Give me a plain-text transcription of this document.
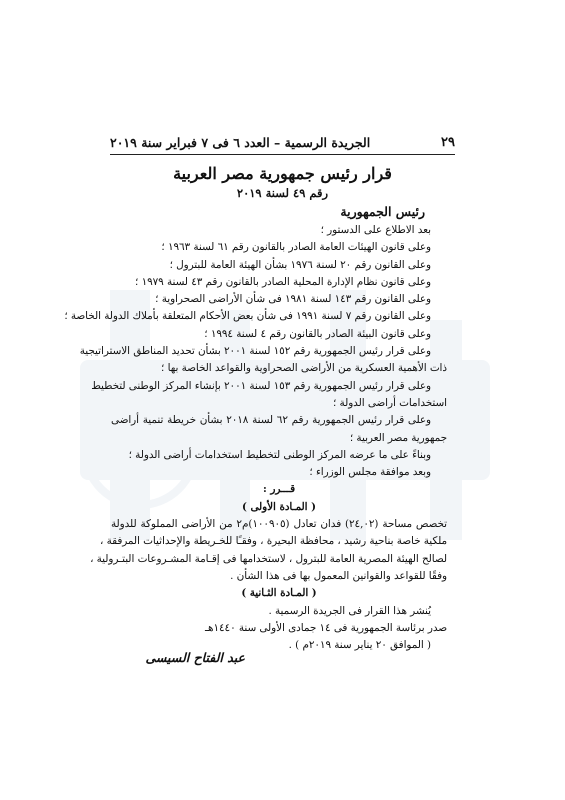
٢٩
الجريدة الرسمية – العدد ٦ فى ٧ فبراير سنة ٢٠١٩
قرار رئيس جمهورية مصر العربية
رقم ٤٩ لسنة ٢٠١٩
رئيس الجمهورية
بعد الاطلاع على الدستور ؛
وعلى قانون الهيئات العامة الصادر بالقانون رقم ٦١ لسنة ١٩٦٣ ؛
وعلى القانون رقم ٢٠ لسنة ١٩٧٦ بشأن الهيئة العامة للبترول ؛
وعلى قانون نظام الإدارة المحلية الصادر بالقانون رقم ٤٣ لسنة ١٩٧٩ ؛
وعلى القانون رقم ١٤٣ لسنة ١٩٨١ فى شأن الأراضى الصحراوية ؛
وعلى القانون رقم ٧ لسنة ١٩٩١ فى شأن بعض الأحكام المتعلقة بأملاك الدولة الخاصة ؛
وعلى قانون البيئة الصادر بالقانون رقم ٤ لسنة ١٩٩٤ ؛
وعلى قرار رئيس الجمهورية رقم ١٥٢ لسنة ٢٠٠١ بشأن تحديد المناطق الاستراتيجية
ذات الأهمية العسكرية من الأراضى الصحراوية والقواعد الخاصة بها ؛
وعلى قرار رئيس الجمهورية رقم ١٥٣ لسنة ٢٠٠١ بإنشاء المركز الوطنى لتخطيط
استخدامات أراضى الدولة ؛
وعلى قرار رئيس الجمهورية رقم ٦٢ لسنة ٢٠١٨ بشأن خريطة تنمية أراضى
جمهورية مصر العربية ؛
وبناءً على ما عرضه المركز الوطنى لتخطيط استخدامات أراضى الدولة ؛
وبعد موافقة مجلس الوزراء ؛
قـــرر :
( المـادة الأولى )
تخصص مساحة (٢٤,٠٢) فدان تعادل (١٠٠٩٠٥)م٢ من الأراضى المملوكة للدولة
ملكية خاصة بناحية رشيد ، محافظة البحيرة ، وفقـًا للخـريطة والإحداثيات المرفقة ،
لصالح الهيئة المصرية العامة للبترول ، لاستخدامها فى إقـامة المشـروعات البتـرولية ،
وفقًا للقواعد والقوانين المعمول بها فى هذا الشأن .
( المـادة الثـانية )
يُنشر هذا القرار فى الجريدة الرسمية .
صدر برئاسة الجمهورية فى ١٤ جمادى الأولى سنة ١٤٤٠هـ
( الموافق ٢٠ يناير سنة ٢٠١٩م ) .
عبد الفتاح السيسى
